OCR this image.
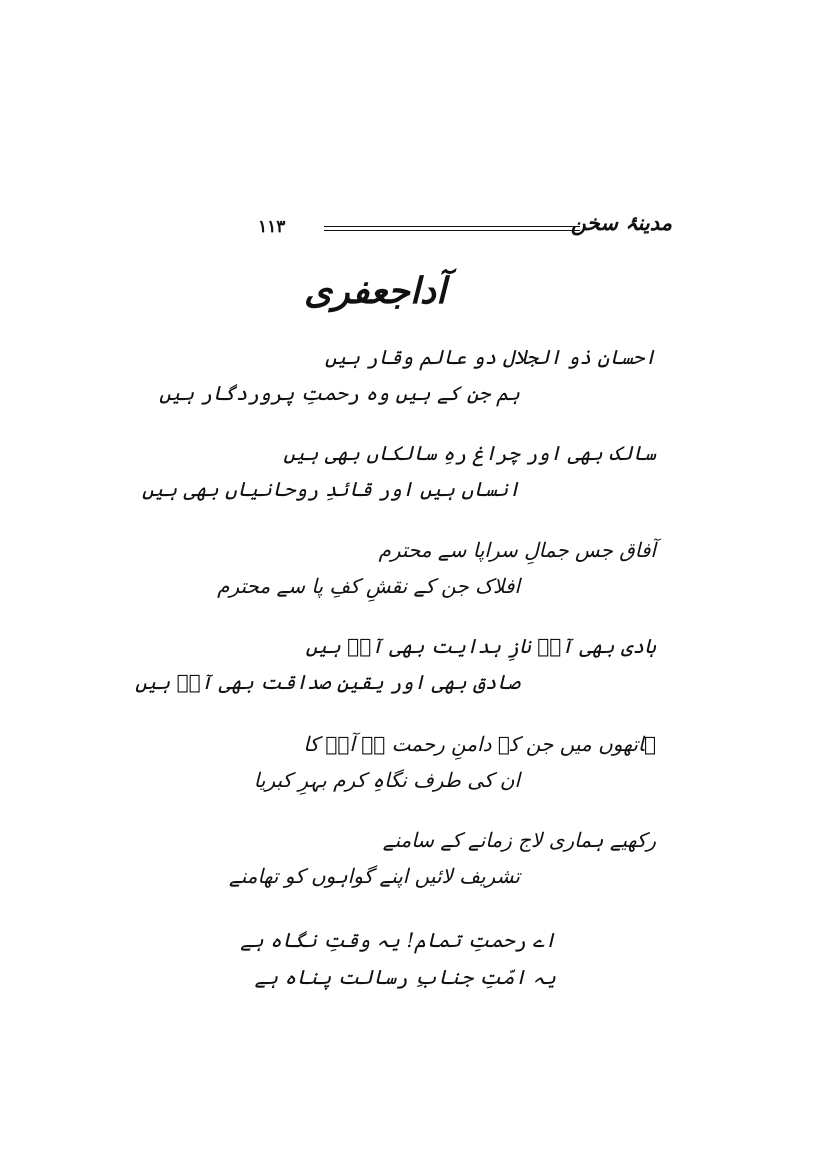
۱۱۳	مدینۂ سخن
آداجعفری
احسانِ ذو الجلال دو عالم وقار ہیں
ہم جن کے ہیں وہ رحمتِ پروردگار ہیں
سالک بھی اور چراغ رہِ سالکاں بھی ہیں
انساں ہیں اور قائدِ روحانیاں بھی ہیں
آفاق جس جمالِ سراپا سے محترم
افلاک جن کے نقشِ کفِ پا سے محترم
ہادی بھی آپؐ نازِ ہدایت بھی آپؐ ہیں
صادق بھی اور یقینِ صداقت بھی آپؐ ہیں
ہاتھوں میں جن کے دامنِ رحمت ہے آپؐ کا
ان کی طرف نگاہِ کرم بہرِ کبریا
رکھیے ہماری لاج زمانے کے سامنے
تشریف لائیں اپنے گواہوں کو تھامنے
اے رحمتِ تمام! یہ وقتِ نگاہ ہے
یہ امّتِ جنابِ رسالت پناہ ہے
